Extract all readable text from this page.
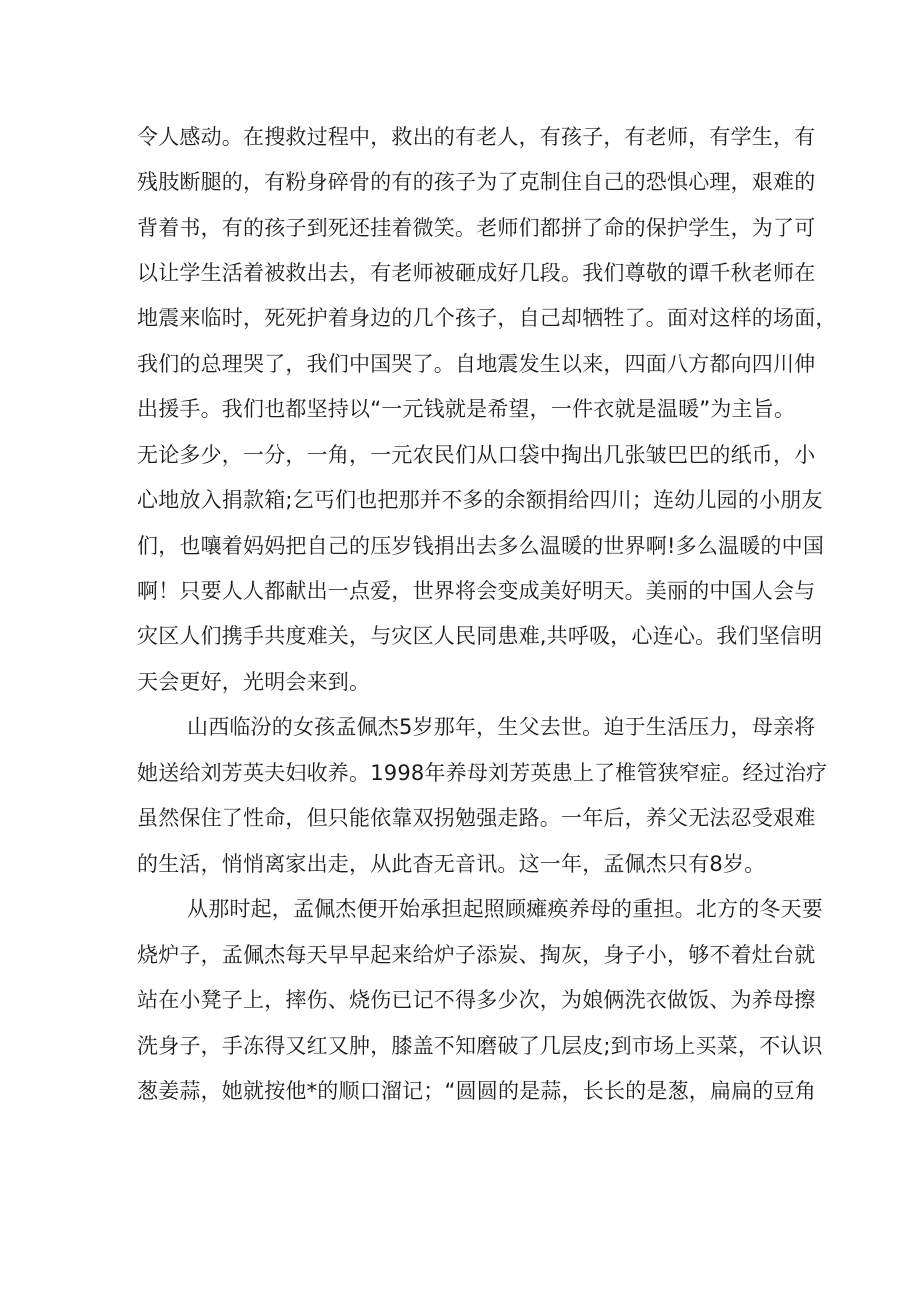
令人感动。在搜救过程中，救出的有老人，有孩子，有老师，有学生，有

残肢断腿的，有粉身碎骨的有的孩子为了克制住自己的恐惧心理，艰难的

背着书，有的孩子到死还挂着微笑。老师们都拼了命的保护学生，为了可

以让学生活着被救出去，有老师被砸成好几段。我们尊敬的谭千秋老师在

地震来临时，死死护着身边的几个孩子，自己却牺牲了。面对这样的场面，

我们的总理哭了，我们中国哭了。自地震发生以来，四面八方都向四川伸

出援手。我们也都坚持以“一元钱就是希望，一件衣就是温暖”为主旨。

无论多少，一分，一角，一元农民们从口袋中掏出几张皱巴巴的纸币，小

心地放入捐款箱;乞丐们也把那并不多的余额捐给四川；连幼儿园的小朋友

们，也嚷着妈妈把自己的压岁钱捐出去多么温暖的世界啊!多么温暖的中国

啊！只要人人都献出一点爱，世界将会变成美好明天。美丽的中国人会与

灾区人们携手共度难关，与灾区人民同患难,共呼吸，心连心。我们坚信明

天会更好，光明会来到。

山西临汾的女孩孟佩杰5岁那年，生父去世。迫于生活压力，母亲将

她送给刘芳英夫妇收养。1998年养母刘芳英患上了椎管狭窄症。经过治疗

虽然保住了性命，但只能依靠双拐勉强走路。一年后，养父无法忍受艰难

的生活，悄悄离家出走，从此杳无音讯。这一年，孟佩杰只有8岁。

从那时起，孟佩杰便开始承担起照顾瘫痪养母的重担。北方的冬天要

烧炉子，孟佩杰每天早早起来给炉子添炭、掏灰，身子小，够不着灶台就

站在小凳子上，摔伤、烧伤已记不得多少次，为娘俩洗衣做饭、为养母擦

洗身子，手冻得又红又肿，膝盖不知磨破了几层皮;到市场上买菜，不认识

葱姜蒜，她就按他*的顺口溜记；“圆圆的是蒜，长长的是葱，扁扁的豆角
